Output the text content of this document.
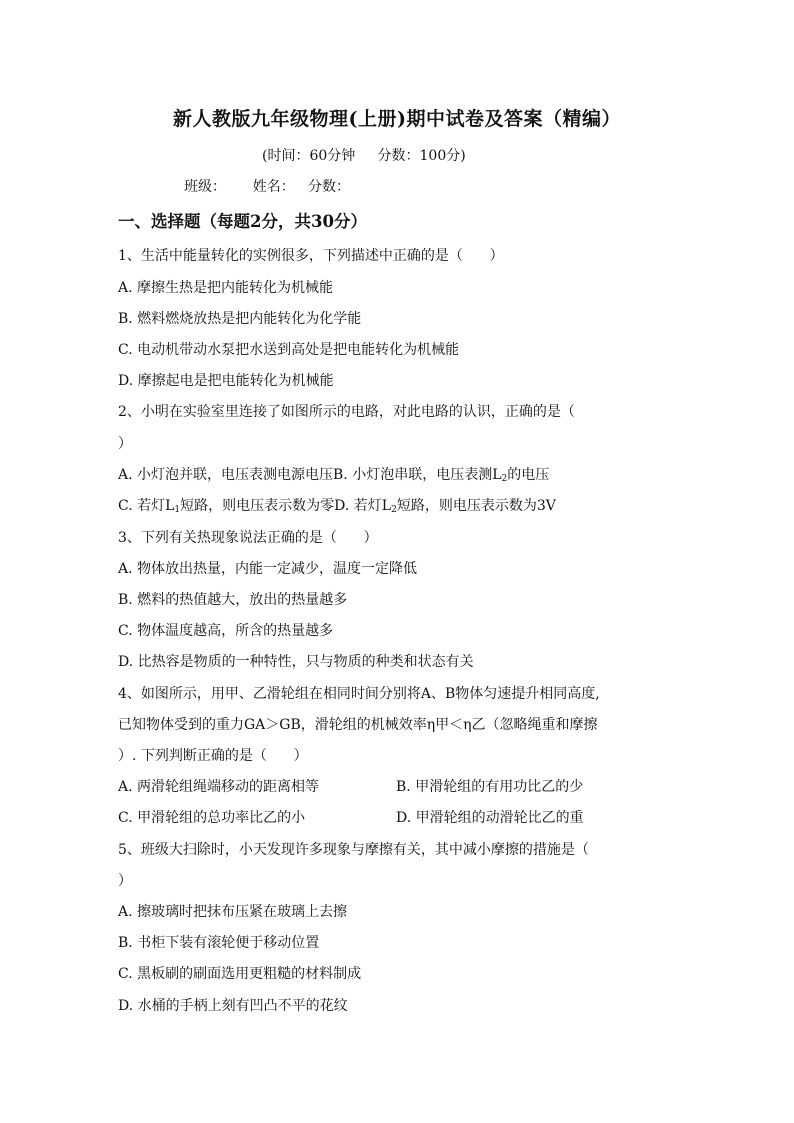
新人教版九年级物理(上册)期中试卷及答案（精编）
(时间：60分钟     分数：100分)
班级：      姓名：   分数：
一、选择题（每题2分，共30分）
1、生活中能量转化的实例很多，下列描述中正确的是（      ）
A. 摩擦生热是把内能转化为机械能
B. 燃料燃烧放热是把内能转化为化学能
C. 电动机带动水泵把水送到高处是把电能转化为机械能
D. 摩擦起电是把电能转化为机械能
2、小明在实验室里连接了如图所示的电路，对此电路的认识，正确的是（
）
A. 小灯泡并联，电压表测电源电压B. 小灯泡串联，电压表测$L_2$的电压
C. 若灯$L_1$短路，则电压表示数为零D. 若灯$L_2$短路，则电压表示数为3V
3、下列有关热现象说法正确的是（      ）
A. 物体放出热量，内能一定减少，温度一定降低
B. 燃料的热值越大，放出的热量越多
C. 物体温度越高，所含的热量越多
D. 比热容是物质的一种特性，只与物质的种类和状态有关
4、如图所示，用甲、乙滑轮组在相同时间分别将A、B物体匀速提升相同高度,
已知物体受到的重力GA＞GB，滑轮组的机械效率η甲＜η乙（忽略绳重和摩擦
）. 下列判断正确的是（      ）
A. 两滑轮组绳端移动的距离相等	B. 甲滑轮组的有用功比乙的少
C. 甲滑轮组的总功率比乙的小	D. 甲滑轮组的动滑轮比乙的重
5、班级大扫除时，小天发现许多现象与摩擦有关，其中减小摩擦的措施是（
）
A. 擦玻璃时把抹布压紧在玻璃上去擦
B. 书柜下装有滚轮便于移动位置
C. 黑板刷的刷面选用更粗糙的材料制成
D. 水桶的手柄上刻有凹凸不平的花纹
